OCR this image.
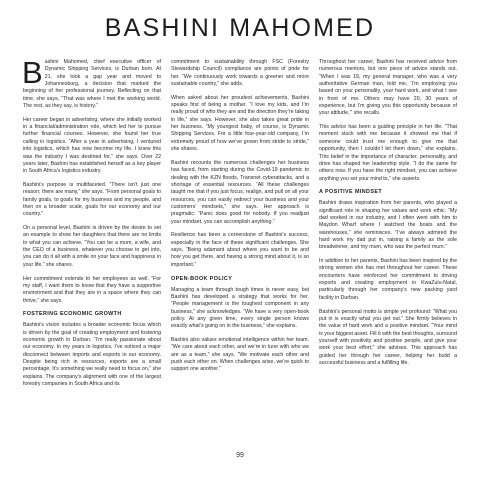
BASHINI MAHOMED
B ashini Mahomed, chief executive officer of Dynamic Shipping Services, is Durban born. At 21, she took a gap year and moved to Johannesburg, a decision that marked the beginning of her professional journey. Reflecting on that time, she says, “That was where I met the working world. The rest, as they say, is history.”

Her career began in advertising, where she initially worked in a financial/administration role, which led her to pursue further financial courses. However, she found her true calling in logistics. “After a year in advertising, I ventured into logistics, which has now become my life. I knew this was the industry I was destined for,” she says. Over 22 years later, Bashini has established herself as a key player in South Africa’s logistics industry.

Bashini’s purpose is multifaceted. “There isn’t just one reason; there are many,” she says. “From personal goals to family goals, to goals for my business and my people, and then on a broader scale, goals for our economy and our country.”

On a personal level, Bashini is driven by the desire to set an example to show her daughters that there are no limits to what you can achieve. “You can be a mum, a wife, and the CEO of a business, whatever you choose to get into, you can do it all with a smile on your face and happiness in your life,” she shares.

Her commitment extends to her employees as well. “For my staff, I want them to know that they have a supportive environment and that they are in a space where they can thrive,” she says.

FOSTERING ECONOMIC GROWTH

Bashini’s vision includes a broader economic focus which is driven by the goal of creating employment and fostering economic growth in Durban. “I’m really passionate about our economy. In my years in logistics, I’ve noticed a major disconnect between imports and exports in our economy. Despite being rich in resources, exports are a small percentage. It’s something we really need to focus on,” she explains. The company’s alignment with one of the largest forestry companies in South Africa and its

commitment to sustainability through FSC (Forestry Stewardship Council) compliance are points of pride for her. “We continuously work towards a greener and more sustainable country,” she adds.

When asked about her proudest achievements, Bashini speaks first of being a mother. “I love my kids, and I’m really proud of who they are and the direction they’re taking in life,” she says. However, she also takes great pride in her business. “My youngest baby, of course, is Dynamic Shipping Services. For a little four-year-old company, I’m extremely proud of how we’ve grown from stride to stride,” she shares.

Bashini recounts the numerous challenges her business has faced, from starting during the Covid-19 pandemic to dealing with the KZN floods, Transnet cyberattacks, and a shortage of essential resources. “All these challenges taught me that if you just focus, realign, and pull on all your resources, you can easily redirect your business and your customers’ mindsets,” she says. Her approach is pragmatic: “Panic does good for nobody. If you readjust your mindset, you can accomplish anything.”

Resilience has been a cornerstone of Bashini’s success, especially in the face of these significant challenges. She says, “Being adamant about where you want to be and how you get there, and having a strong mind about it, is so important.”

OPEN-BOOK POLICY

Managing a team through tough times is never easy, but Bashini has developed a strategy that works for her. “People management is the toughest component in any business,” she acknowledges. “We have a very open-book policy. At any given time, every single person knows exactly what’s going on in the business,” she explains.

Bashini also values emotional intelligence within her team. “We care about each other, and we’re in tune with who we are as a team,” she says. “We motivate each other and push each other on. When challenges arise, we’re quick to support one another.”

Throughout her career, Bashini has received advice from numerous mentors, but one piece of advice stands out. “When I was 19, my general manager, who was a very authoritative German man, told me, ‘I’m employing you based on your personality, your hard work, and what I see in front of me. Others may have 20, 30 years of experience, but I’m giving you this opportunity because of your attitude,’” she recalls.

This advice has been a guiding principle in her life. “That moment stuck with me because it showed me that if someone could trust me enough to give me that opportunity, then I couldn’t let them down,” she explains. This belief in the importance of character, personality, and drive has shaped her leadership style. “I do the same for others now. If you have the right mindset, you can achieve anything you set your mind to,” she asserts.

A POSITIVE MINDSET

Bashini draws inspiration from her parents, who played a significant role in shaping her values and work ethic. “My dad worked in our industry, and I often went with him to Maydon Wharf where I watched the boats and the warehouses,” she reminisces. “I’ve always admired the hard work my dad put in, raising a family as the sole breadwinner, and my mum, who was the perfect mum.”

In addition to her parents, Bashini has been inspired by the strong women she has met throughout her career. These encounters have reinforced her commitment to driving exports and creating employment in KwaZulu-Natal, particularly through her company’s new packing yard facility in Durban.

Bashini’s personal motto is simple yet profound: “What you put in is exactly what you get out.” She firmly believes in the value of hard work and a positive mindset. “Your mind is your biggest asset. Fill it with the best thoughts, surround yourself with positivity and positive people, and give your work your best effort,” she advises. This approach has guided her through her career, helping her build a successful business and a fulfilling life.

99
